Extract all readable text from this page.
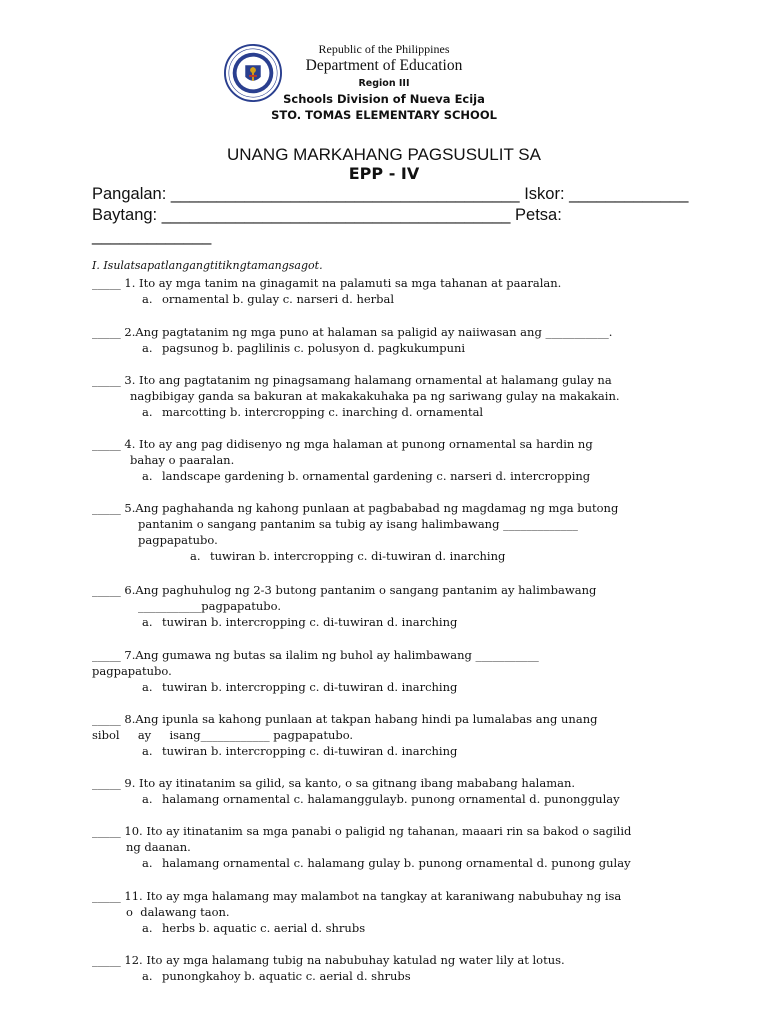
Republic of the Philippines
Department of Education
Region III
Schools Division of Nueva Ecija
STO. TOMAS ELEMENTARY SCHOOL
UNANG MARKAHANG PAGSUSULIT SA
EPP - IV
Pangalan: ______________________________________ Iskor: _____________
Baytang: ______________________________________ Petsa:
_____________
I. Isulatsapatlangangtitikngtamangsagot.
_____ 1. Ito ay mga tanim na ginagamit na palamuti sa mga tahanan at paaralan.
a. ornamental b. gulay c. narseri d. herbal
_____ 2.Ang pagtatanim ng mga puno at halaman sa paligid ay naiiwasan ang ___________.
a. pagsunog b. paglilinis c. polusyon d. pagkukumpuni
_____ 3. Ito ang pagtatanim ng pinagsamang halamang ornamental at halamang gulay na
nagbibigay ganda sa bakuran at makakakuhaka pa ng sariwang gulay na makakain.
a. marcotting b. intercropping c. inarching d. ornamental
_____ 4. Ito ay ang pag didisenyo ng mga halaman at punong ornamental sa hardin ng
bahay o paaralan.
a. landscape gardening b. ornamental gardening c. narseri d. intercropping
_____ 5.Ang paghahanda ng kahong punlaan at pagbababad ng magdamag ng mga butong
pantanim o sangang pantanim sa tubig ay isang halimbawang _____________
pagpapatubo.
a. tuwiran b. intercropping c. di-tuwiran d. inarching
_____ 6.Ang paghuhulog ng 2-3 butong pantanim o sangang pantanim ay halimbawang
___________pagpapatubo.
a. tuwiran b. intercropping c. di-tuwiran d. inarching
_____ 7.Ang gumawa ng butas sa ilalim ng buhol ay halimbawang ___________
pagpapatubo.
a. tuwiran b. intercropping c. di-tuwiran d. inarching
_____ 8.Ang ipunla sa kahong punlaan at takpan habang hindi pa lumalabas ang unang
sibol     ay     isang____________ pagpapatubo.
a. tuwiran b. intercropping c. di-tuwiran d. inarching
_____ 9. Ito ay itinatanim sa gilid, sa kanto, o sa gitnang ibang mababang halaman.
a. halamang ornamental c. halamanggulayb. punong ornamental d. punonggulay
_____ 10. Ito ay itinatanim sa mga panabi o paligid ng tahanan, maaari rin sa bakod o sagilid
ng daanan.
a. halamang ornamental c. halamang gulay b. punong ornamental d. punong gulay
_____ 11. Ito ay mga halamang may malambot na tangkay at karaniwang nabubuhay ng isa
o  dalawang taon.
a. herbs b. aquatic c. aerial d. shrubs
_____ 12. Ito ay mga halamang tubig na nabubuhay katulad ng water lily at lotus.
a. punongkahoy b. aquatic c. aerial d. shrubs
